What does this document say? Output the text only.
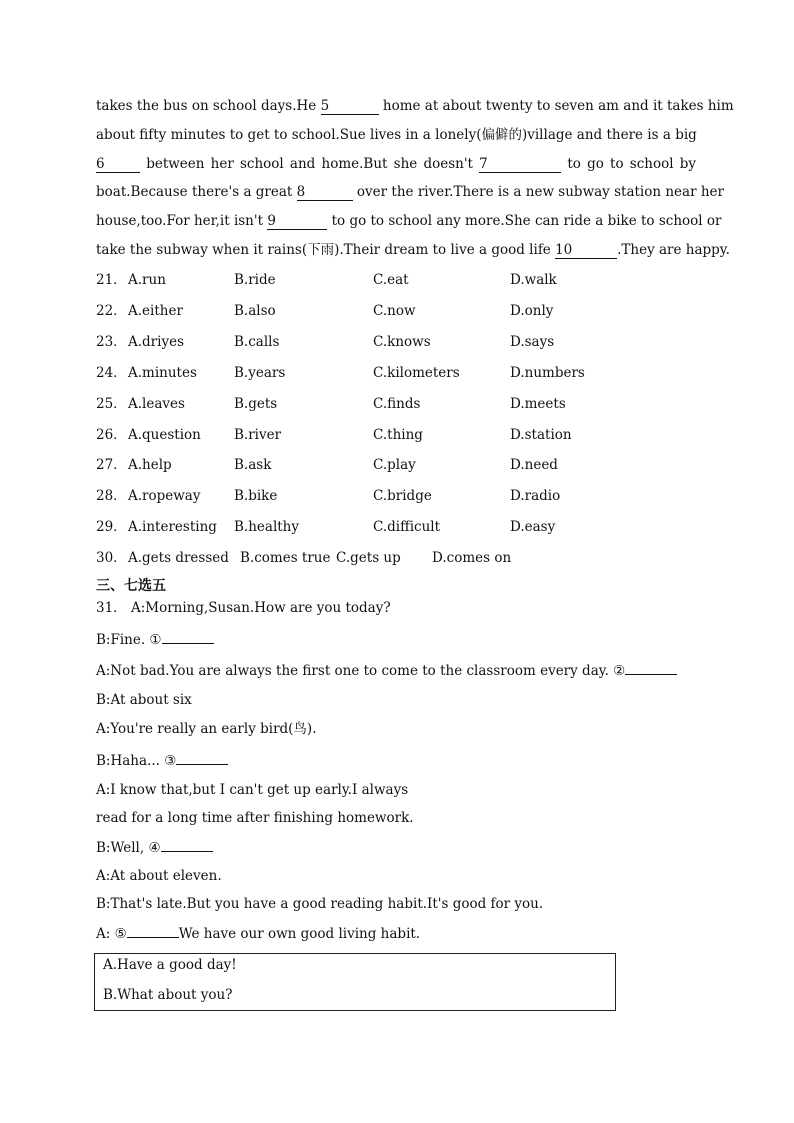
takes the bus on school days.He 5	home at about twenty to seven am and it takes him
about fifty minutes to get to school.Sue lives in a lonely(偏僻的)village and there is a big
6	between her school and home.But she doesn't 7	to go to school by
boat.Because there's a great 8	over the river.There is a new subway station near her
house,too.For her,it isn't 9	to go to school any more.She can ride a bike to school or
take the subway when it rains(下雨).Their dream to live a good life 10	.They are happy.
21． A.run	B.ride	C.eat	D.walk
22． A.either	B.also	C.now	D.only
23． A.driyes	B.calls	C.knows	D.says
24． A.minutes	B.years	C.kilometers	D.numbers
25． A.leaves	B.gets	C.finds	D.meets
26． A.question B.river	C.thing	D.station
27． A.help	B.ask	C.play	D.need
28． A.ropeway B.bike	C.bridge	D.radio
29． A.interesting B.healthy	C.difficult	D.easy
30． A.gets dressed B.comes true C.gets up D.comes on
三、七选五
31． A:Morning,Susan.How are you today?
B:Fine. ①
A:Not bad.You are always the first one to come to the classroom every day. ②
B:At about six
A:You're really an early bird(鸟).
B:Haha... ③
A:I know that,but I can't get up early.I always
read for a long time after finishing homework.
B:Well, ④
A:At about eleven.
B:That's late.But you have a good reading habit.It's good for you.
A: ⑤	We have our own good living habit.
A.Have a good day!
B.What about you?
